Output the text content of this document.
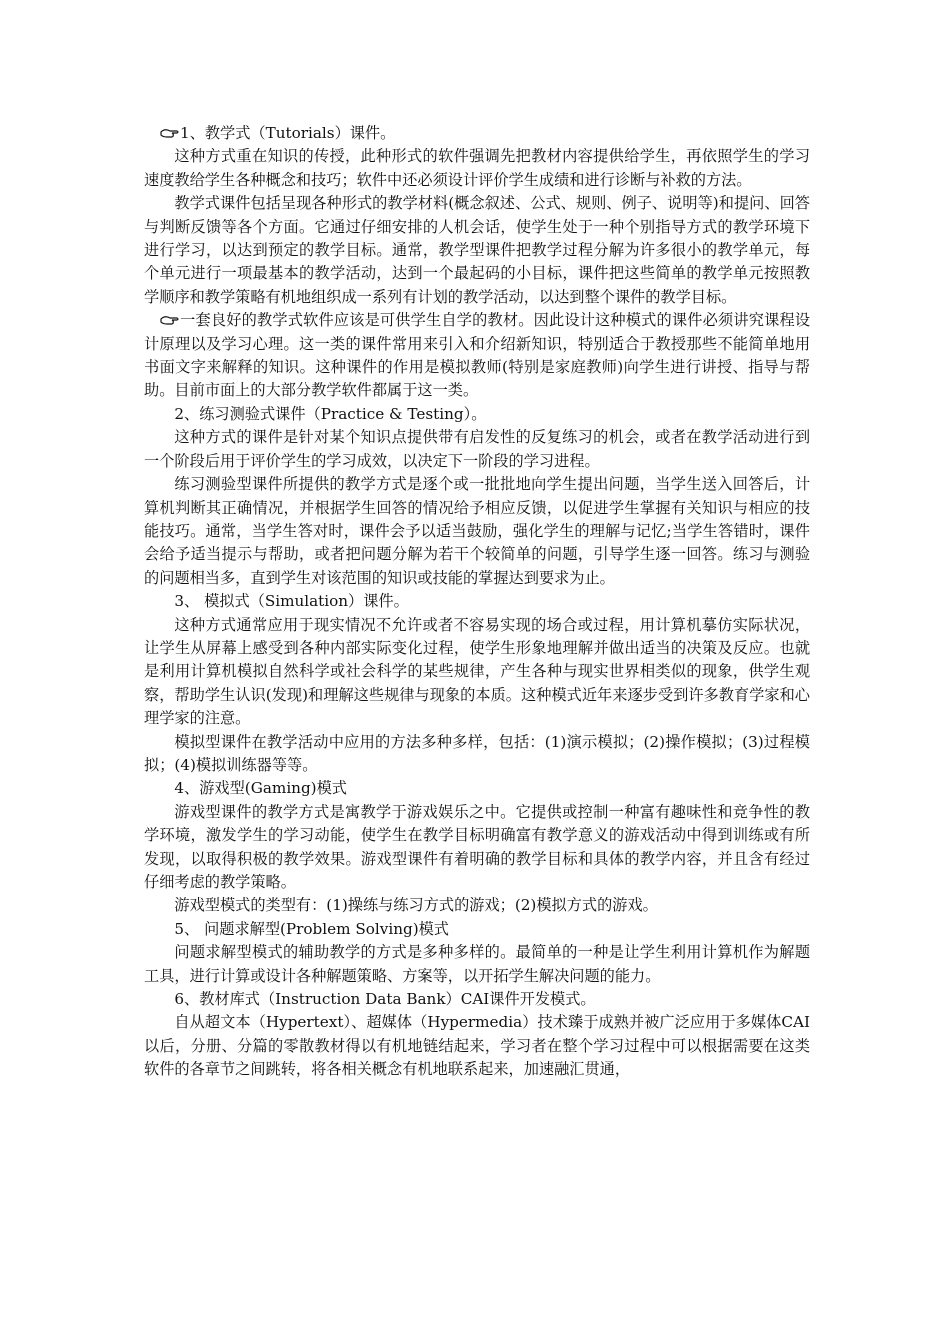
1、教学式（Tutorials）课件。

这种方式重在知识的传授，此种形式的软件强调先把教材内容提供给学生，再依照学生的学习速度教给学生各种概念和技巧；软件中还必须设计评价学生成绩和进行诊断与补救的方法。

教学式课件包括呈现各种形式的教学材料(概念叙述、公式、规则、例子、说明等)和提问、回答与判断反馈等各个方面。它通过仔细安排的人机会话，使学生处于一种个别指导方式的教学环境下进行学习，以达到预定的教学目标。通常，教学型课件把教学过程分解为许多很小的教学单元，每个单元进行一项最基本的教学活动，达到一个最起码的小目标，课件把这些简单的教学单元按照教学顺序和教学策略有机地组织成一系列有计划的教学活动，以达到整个课件的教学目标。

一套良好的教学式软件应该是可供学生自学的教材。因此设计这种模式的课件必须讲究课程设计原理以及学习心理。这一类的课件常用来引入和介绍新知识，特别适合于教授那些不能简单地用书面文字来解释的知识。这种课件的作用是模拟教师(特别是家庭教师)向学生进行讲授、指导与帮助。目前市面上的大部分教学软件都属于这一类。

2、练习测验式课件（Practice & Testing）。

这种方式的课件是针对某个知识点提供带有启发性的反复练习的机会，或者在教学活动进行到一个阶段后用于评价学生的学习成效，以决定下一阶段的学习进程。

练习测验型课件所提供的教学方式是逐个或一批批地向学生提出问题，当学生送入回答后，计算机判断其正确情况，并根据学生回答的情况给予相应反馈，以促进学生掌握有关知识与相应的技能技巧。通常，当学生答对时，课件会予以适当鼓励，强化学生的理解与记忆;当学生答错时，课件会给予适当提示与帮助，或者把问题分解为若干个较简单的问题，引导学生逐一回答。练习与测验的问题相当多，直到学生对该范围的知识或技能的掌握达到要求为止。

3、 模拟式（Simulation）课件。

这种方式通常应用于现实情况不允许或者不容易实现的场合或过程，用计算机摹仿实际状况，让学生从屏幕上感受到各种内部实际变化过程，使学生形象地理解并做出适当的决策及反应。也就是利用计算机模拟自然科学或社会科学的某些规律，产生各种与现实世界相类似的现象，供学生观察，帮助学生认识(发现)和理解这些规律与现象的本质。这种模式近年来逐步受到许多教育学家和心理学家的注意。

模拟型课件在教学活动中应用的方法多种多样，包括：(1)演示模拟；(2)操作模拟；(3)过程模拟；(4)模拟训练器等等。

4、游戏型(Gaming)模式

游戏型课件的教学方式是寓教学于游戏娱乐之中。它提供或控制一种富有趣味性和竞争性的教学环境，激发学生的学习动能，使学生在教学目标明确富有教学意义的游戏活动中得到训练或有所发现，以取得积极的教学效果。游戏型课件有着明确的教学目标和具体的教学内容，并且含有经过仔细考虑的教学策略。

游戏型模式的类型有：(1)操练与练习方式的游戏；(2)模拟方式的游戏。

5、 问题求解型(Problem Solving)模式

问题求解型模式的辅助教学的方式是多种多样的。最简单的一种是让学生利用计算机作为解题工具，进行计算或设计各种解题策略、方案等，以开拓学生解决问题的能力。

6、教材库式（Instruction Data Bank）CAI课件开发模式。

自从超文本（Hypertext）、超媒体（Hypermedia）技术臻于成熟并被广泛应用于多媒体CAI以后，分册、分篇的零散教材得以有机地链结起来，学习者在整个学习过程中可以根据需要在这类软件的各章节之间跳转，将各相关概念有机地联系起来，加速融汇贯通，
